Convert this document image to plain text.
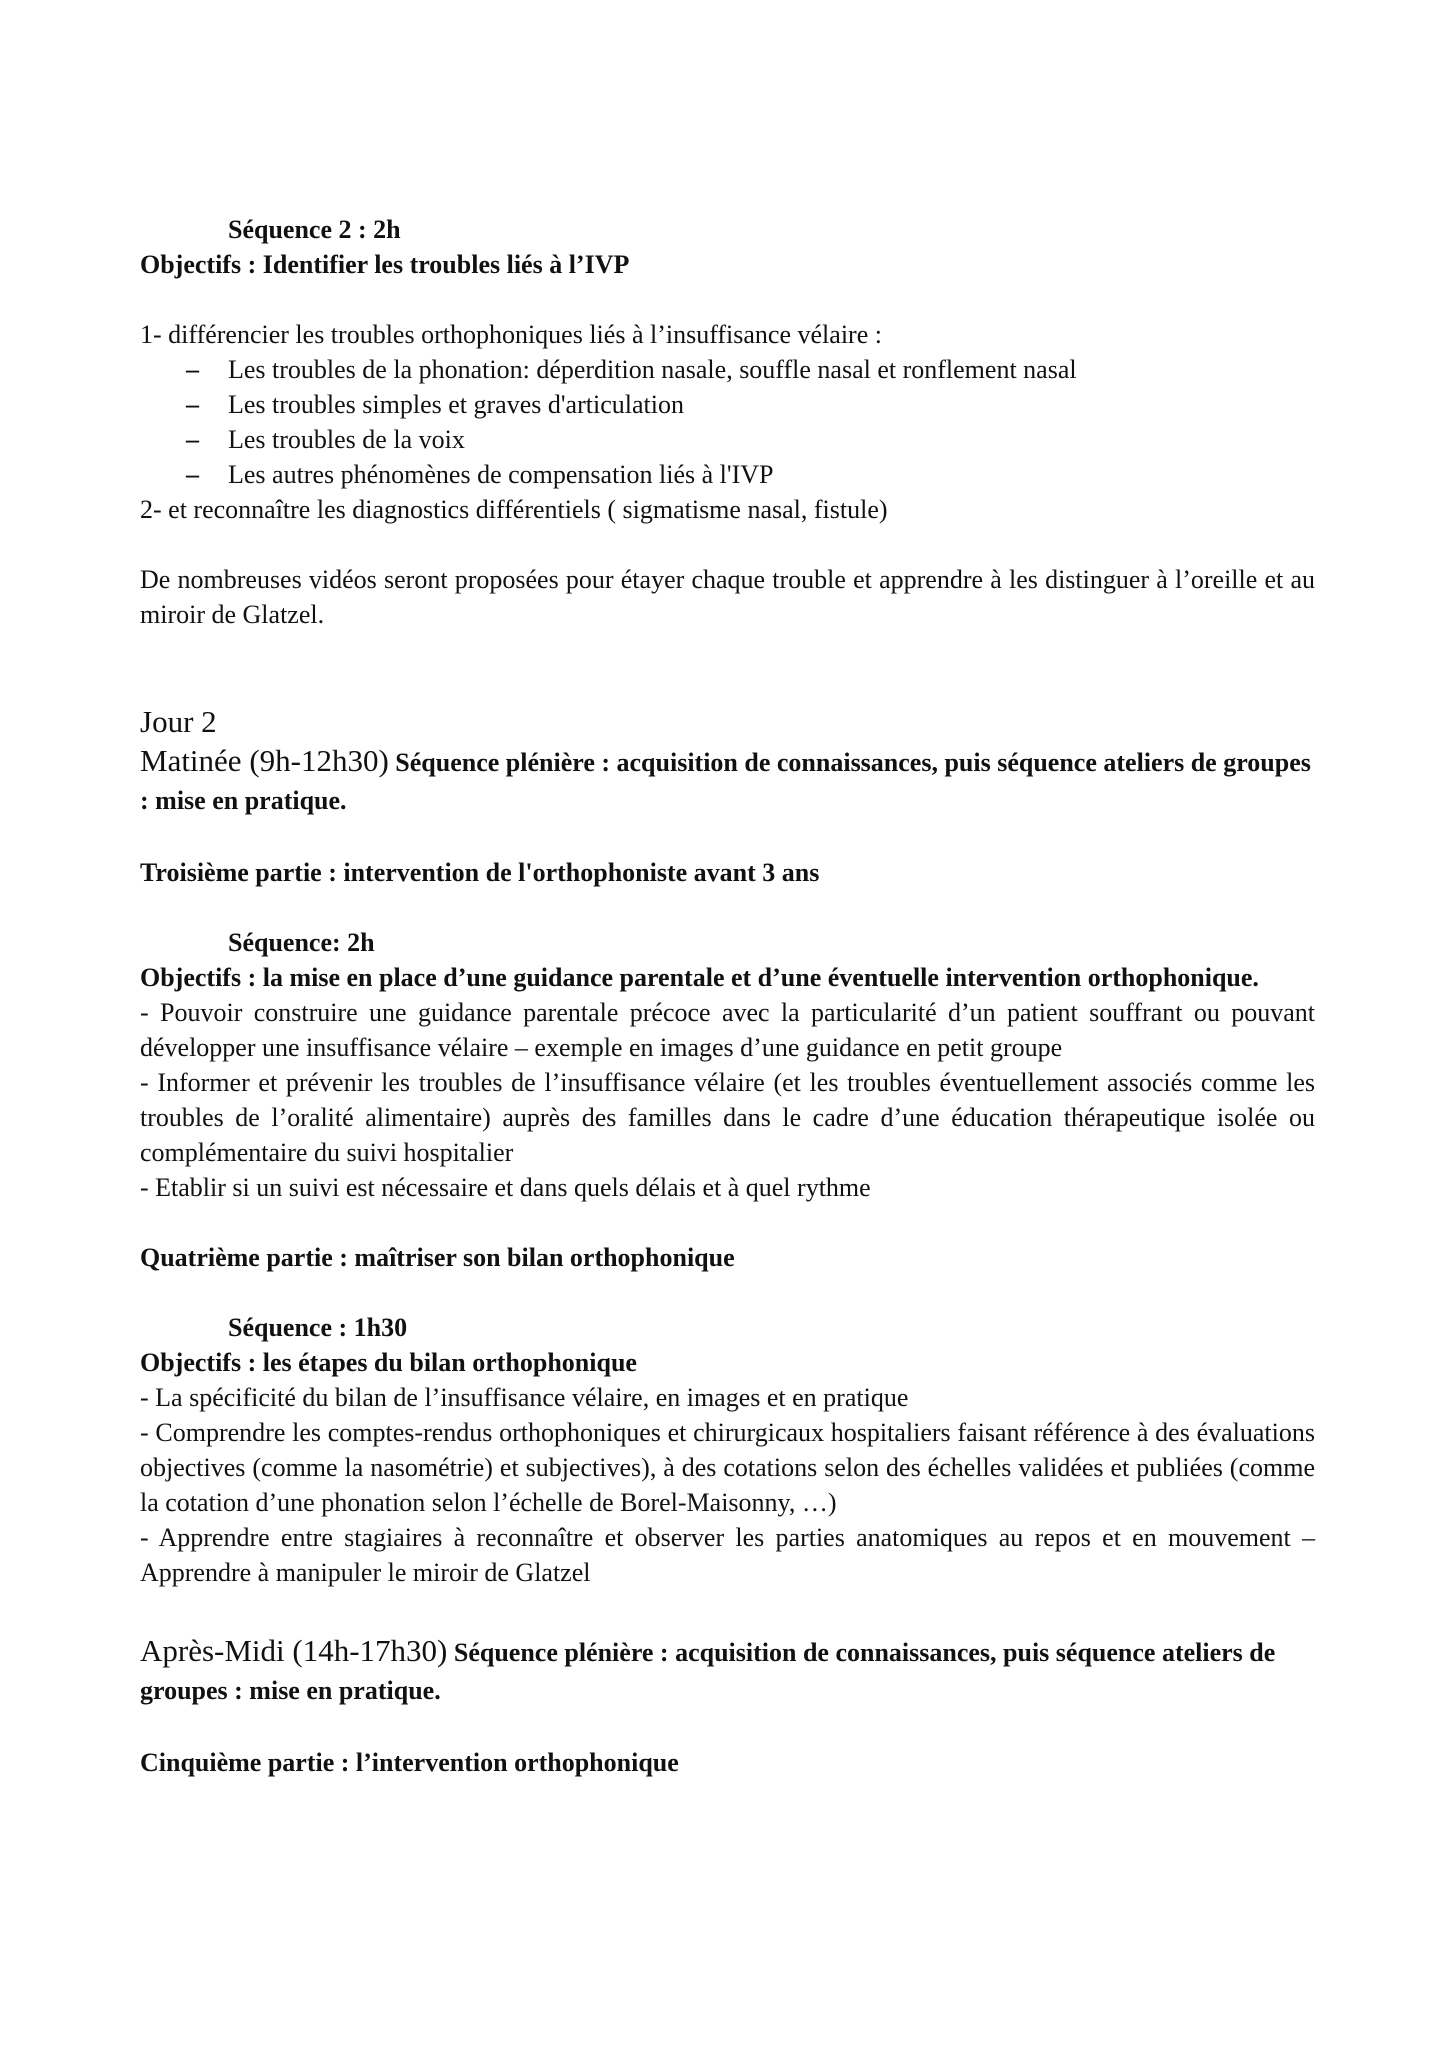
Séquence 2 : 2h

Objectifs : Identifier les troubles liés à l’IVP

1- différencier les troubles orthophoniques liés à l’insuffisance vélaire :

– Les troubles de la phonation: déperdition nasale, souffle nasal et ronflement nasal
– Les troubles simples et graves d'articulation
– Les troubles de la voix
– Les autres phénomènes de compensation liés à l'IVP

2- et reconnaître les diagnostics différentiels ( sigmatisme nasal, fistule)

De nombreuses vidéos seront proposées pour étayer chaque trouble et apprendre à les distinguer à l’oreille et au miroir de Glatzel.

Jour 2

Matinée (9h-12h30) Séquence plénière : acquisition de connaissances, puis séquence ateliers de groupes : mise en pratique.

Troisième partie : intervention de l'orthophoniste avant 3 ans

Séquence: 2h

Objectifs : la mise en place d’une guidance parentale et d’une éventuelle intervention orthophonique.

- Pouvoir construire une guidance parentale précoce avec la particularité d’un patient souffrant ou pouvant développer une insuffisance vélaire – exemple en images d’une guidance en petit groupe

- Informer et prévenir les troubles de l’insuffisance vélaire (et les troubles éventuellement associés comme les troubles de l’oralité alimentaire) auprès des familles dans le cadre d’une éducation thérapeutique isolée ou complémentaire du suivi hospitalier

- Etablir si un suivi est nécessaire et dans quels délais et à quel rythme

Quatrième partie : maîtriser son bilan orthophonique

Séquence : 1h30

Objectifs : les étapes du bilan orthophonique

- La spécificité du bilan de l’insuffisance vélaire, en images et en pratique

- Comprendre les comptes-rendus orthophoniques et chirurgicaux hospitaliers faisant référence à des évaluations objectives (comme la nasométrie) et subjectives), à des cotations selon des échelles validées et publiées (comme la cotation d’une phonation selon l’échelle de Borel-Maisonny, …)

- Apprendre entre stagiaires à reconnaître et observer les parties anatomiques au repos et en mouvement – Apprendre à manipuler le miroir de Glatzel

Après-Midi (14h-17h30) Séquence plénière : acquisition de connaissances, puis séquence ateliers de groupes : mise en pratique.

Cinquième partie : l’intervention orthophonique
